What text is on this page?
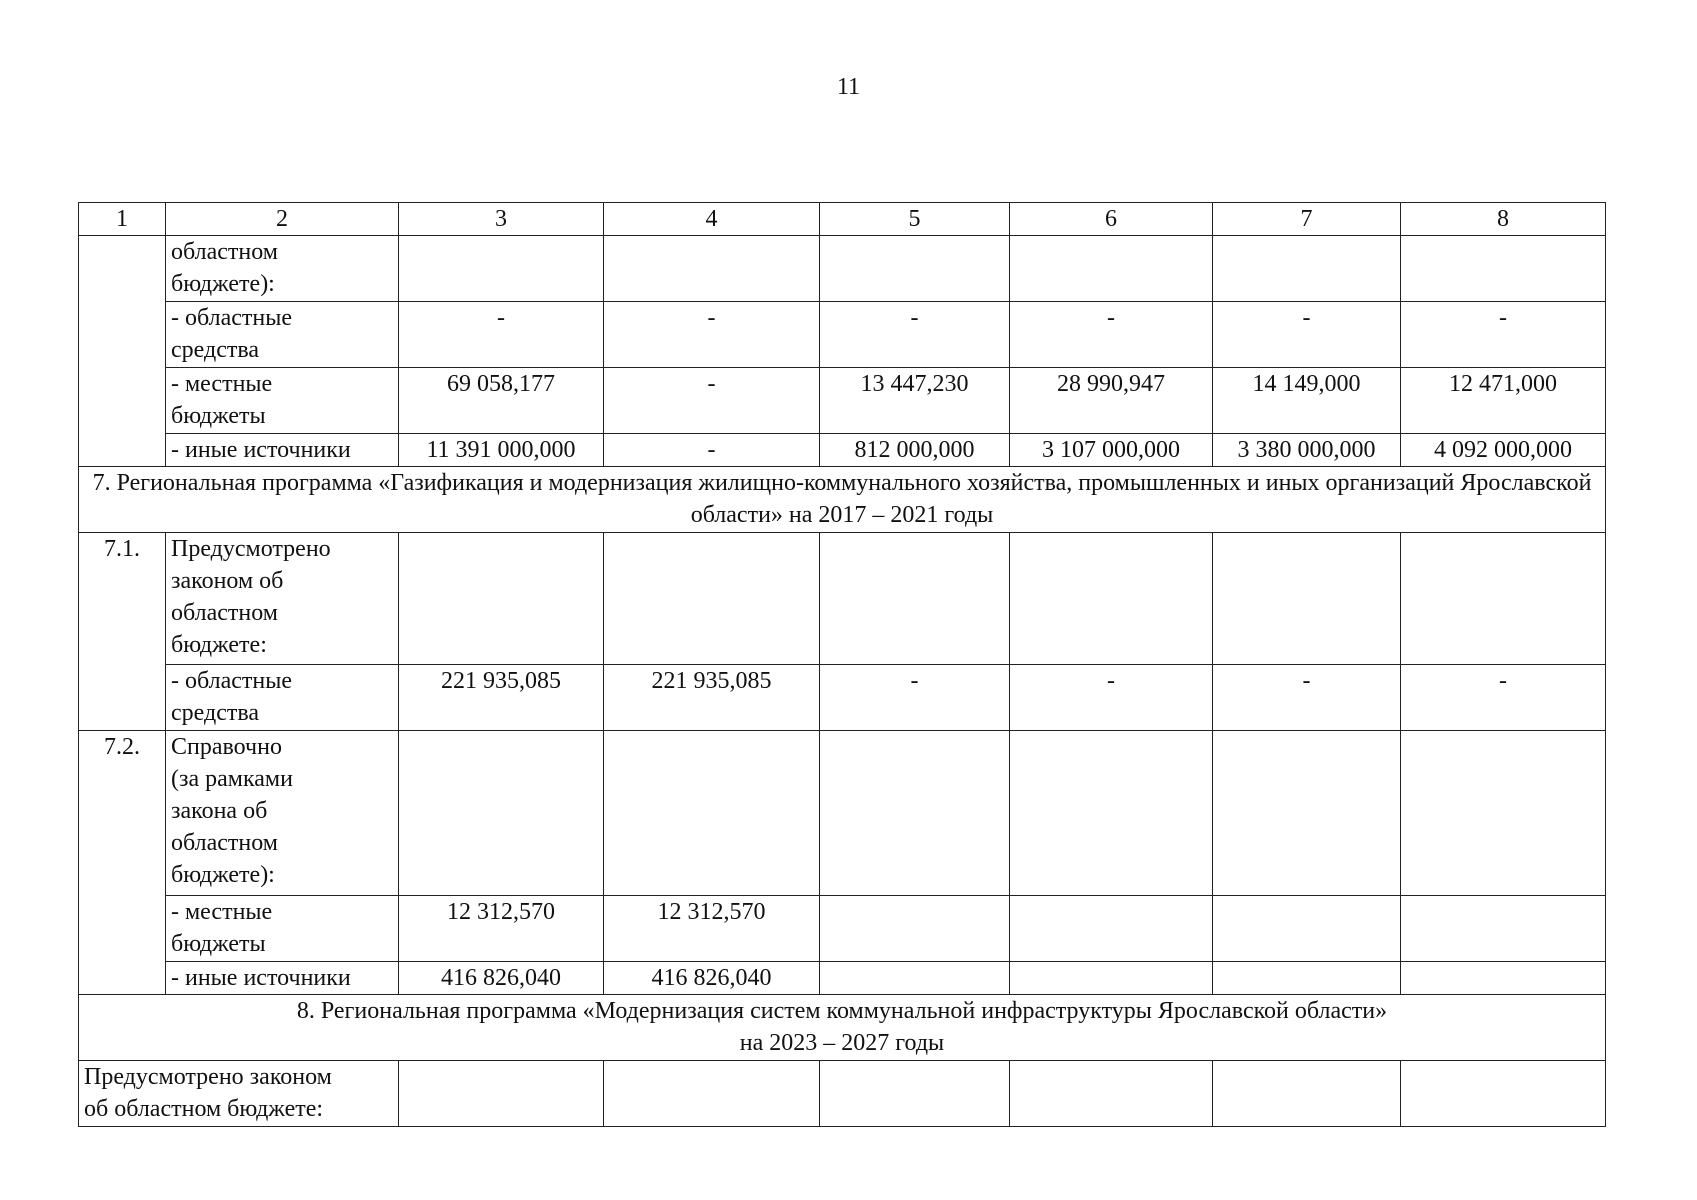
11
1	2	3	4	5	6	7	8
	областном
бюджете):						
	- областные
средства	-	-	-	-	-	-
	- местные
бюджеты	69 058,177	-	13 447,230	28 990,947	14 149,000	12 471,000
	- иные источники	11 391 000,000	-	812 000,000	3 107 000,000	3 380 000,000	4 092 000,000
7. Региональная программа «Газификация и модернизация жилищно-коммунального хозяйства, промышленных и иных организаций Ярославской области» на 2017 – 2021 годы							
7.1.	Предусмотрено
законом об
областном
бюджете:						
	- областные
средства	221 935,085	221 935,085	-	-	-	-
7.2.	Справочно
(за рамками
закона об
областном
бюджете):						
	- местные
бюджеты	12 312,570	12 312,570				
	- иные источники	416 826,040	416 826,040				

8. Региональная программа «Модернизация систем коммунальной инфраструктуры Ярославской области»
на 2023 – 2027 годы							

Предусмотрено законом
об областном бюджете:							
